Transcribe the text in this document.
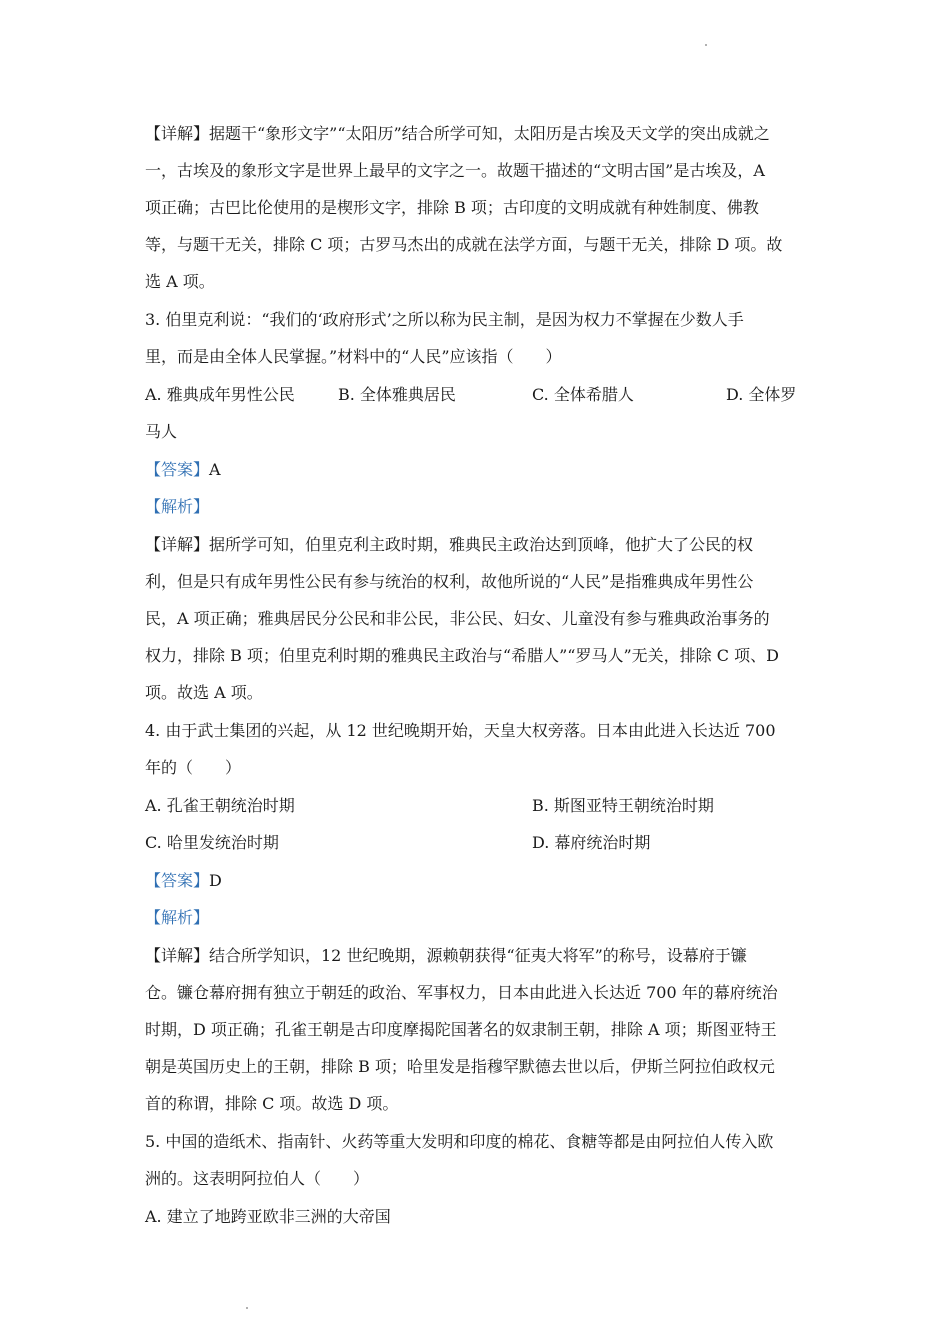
【详解】据题干“象形文字”“太阳历”结合所学可知，太阳历是古埃及天文学的突出成就之
一，古埃及的象形文字是世界上最早的文字之一。故题干描述的“文明古国”是古埃及，A
项正确；古巴比伦使用的是楔形文字，排除 B 项；古印度的文明成就有种姓制度、佛教
等，与题干无关，排除 C 项；古罗马杰出的成就在法学方面，与题干无关，排除 D 项。故
选 A 项。
3. 伯里克利说：“我们的‘政府形式’之所以称为民主制，是因为权力不掌握在少数人手
里，而是由全体人民掌握。”材料中的“人民”应该指（　　）
A. 雅典成年男性公民	B. 全体雅典居民	C. 全体希腊人	D. 全体罗
马人
【答案】A
【解析】
【详解】据所学可知，伯里克利主政时期，雅典民主政治达到顶峰，他扩大了公民的权
利，但是只有成年男性公民有参与统治的权利，故他所说的“人民”是指雅典成年男性公
民，A 项正确；雅典居民分公民和非公民，非公民、妇女、儿童没有参与雅典政治事务的
权力，排除 B 项；伯里克利时期的雅典民主政治与“希腊人”“罗马人”无关，排除 C 项、D
项。故选 A 项。
4. 由于武士集团的兴起，从 12 世纪晚期开始，天皇大权旁落。日本由此进入长达近 700
年的（　　）
A. 孔雀王朝统治时期	B. 斯图亚特王朝统治时期
C. 哈里发统治时期	D. 幕府统治时期
【答案】D
【解析】
【详解】结合所学知识，12 世纪晚期，源赖朝获得“征夷大将军”的称号，设幕府于镰
仓。镰仓幕府拥有独立于朝廷的政治、军事权力，日本由此进入长达近 700 年的幕府统治
时期，D 项正确；孔雀王朝是古印度摩揭陀国著名的奴隶制王朝，排除 A 项；斯图亚特王
朝是英国历史上的王朝，排除 B 项；哈里发是指穆罕默德去世以后，伊斯兰阿拉伯政权元
首的称谓，排除 C 项。故选 D 项。
5. 中国的造纸术、指南针、火药等重大发明和印度的棉花、食糖等都是由阿拉伯人传入欧
洲的。这表明阿拉伯人（　　）
A. 建立了地跨亚欧非三洲的大帝国
